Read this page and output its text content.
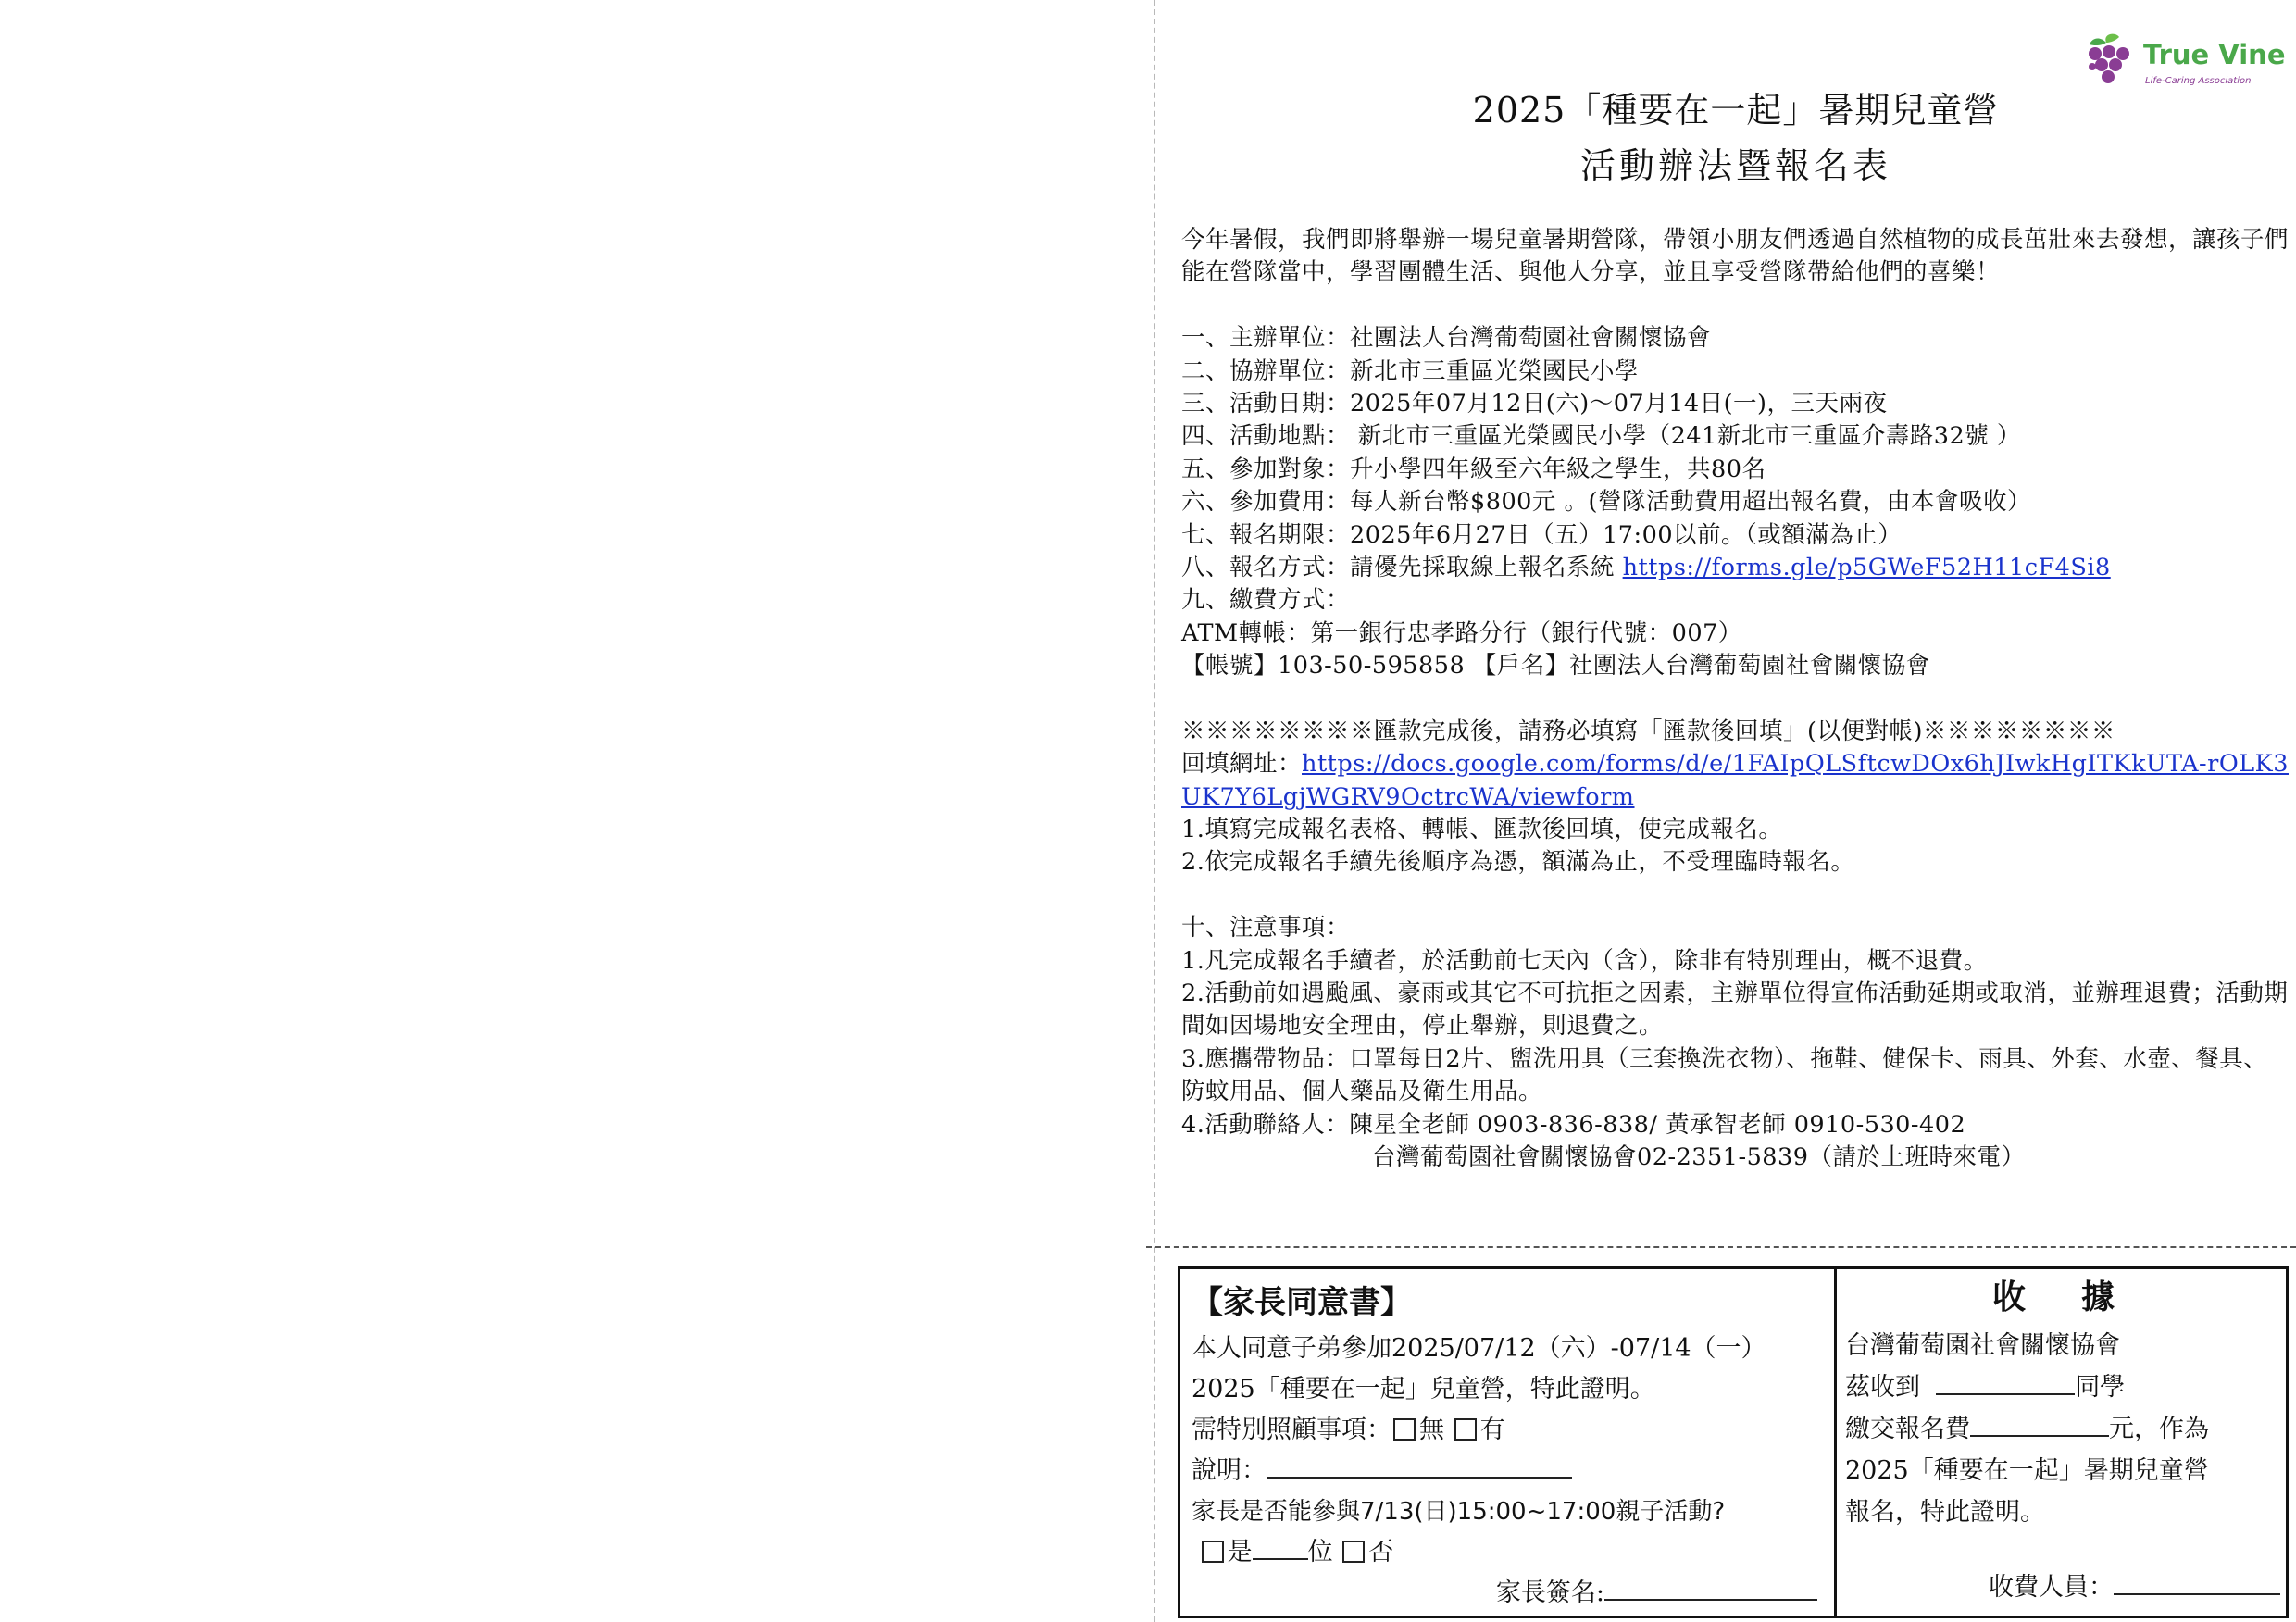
True Vine
Life-Caring Association
2025「種要在一起」暑期兒童營
活動辦法暨報名表
今年暑假，我們即將舉辦一場兒童暑期營隊，帶領小朋友們透過自然植物的成長茁壯來去發想，讓孩子們能在營隊當中，學習團體生活、與他人分享，並且享受營隊帶給他們的喜樂！
一、主辦單位：社團法人台灣葡萄園社會關懷協會
二、協辦單位：新北市三重區光榮國民小學
三、活動日期：2025年07月12日(六)～07月14日(一)，三天兩夜
四、活動地點： 新北市三重區光榮國民小學（241新北市三重區介壽路32號 ）
五、參加對象：升小學四年級至六年級之學生，共80名
六、參加費用：每人新台幣$800元 。(營隊活動費用超出報名費，由本會吸收）
七、報名期限：2025年6月27日（五）17:00以前。（或額滿為止）
八、報名方式：請優先採取線上報名系統 https://forms.gle/p5GWeF52H11cF4Si8
九、繳費方式：
ATM轉帳：第一銀行忠孝路分行（銀行代號：007）
【帳號】103-50-595858 【戶名】社團法人台灣葡萄園社會關懷協會
※※※※※※※※匯款完成後，請務必填寫「匯款後回填」(以便對帳)※※※※※※※※
回填網址：https://docs.google.com/forms/d/e/1FAIpQLSftcwDOx6hJIwkHgITKkUTA-rOLK3UK7Y6LgjWGRV9OctrcWA/viewform
1.填寫完成報名表格、轉帳、匯款後回填，使完成報名。
2.依完成報名手續先後順序為憑，額滿為止，不受理臨時報名。
十、注意事項：
1.凡完成報名手續者，於活動前七天內（含），除非有特別理由，概不退費。
2.活動前如遇颱風、豪雨或其它不可抗拒之因素，主辦單位得宣佈活動延期或取消，並辦理退費；活動期間如因場地安全理由，停止舉辦，則退費之。
3.應攜帶物品：口罩每日2片、盥洗用具（三套換洗衣物）、拖鞋、健保卡、雨具、外套、水壺、餐具、防蚊用品、個人藥品及衛生用品。
4.活動聯絡人：陳星全老師 0903-836-838/ 黃承智老師 0910-530-402
台灣葡萄園社會關懷協會02-2351-5839（請於上班時來電）
【家長同意書】
本人同意子弟參加2025/07/12（六）-07/14（一）
2025「種要在一起」兒童營，特此證明。
需特別照顧事項： 無 有
說明：
家長是否能參與7/13(日)15:00~17:00親子活動?
是 位 否
家長簽名:
收據
台灣葡萄園社會關懷協會
茲收到	同學
繳交報名費	元，作為
2025「種要在一起」暑期兒童營
報名，特此證明。
收費人員：
